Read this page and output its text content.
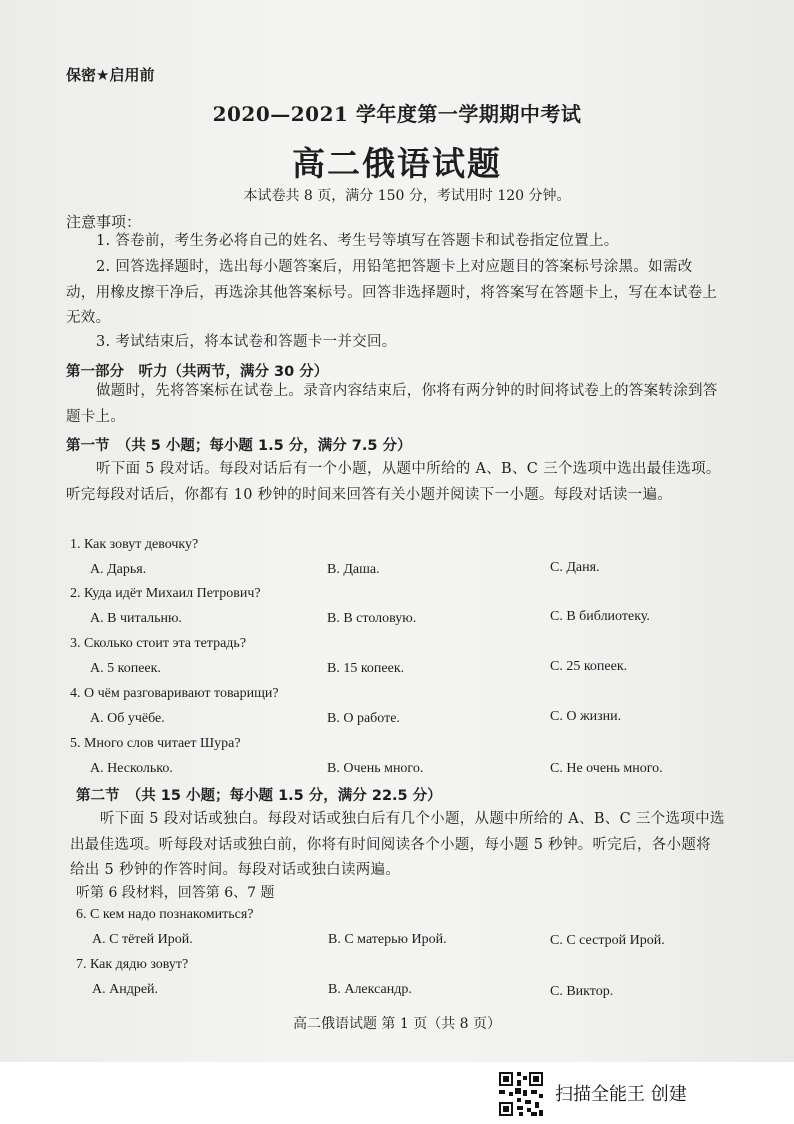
保密★启用前
2020—2021 学年度第一学期期中考试
高二俄语试题
本试卷共 8 页，满分 150 分，考试用时 120 分钟。
注意事项：
1. 答卷前，考生务必将自己的姓名、考生号等填写在答题卡和试卷指定位置上。
2. 回答选择题时，选出每小题答案后，用铅笔把答题卡上对应题目的答案标号涂黑。如需改动，用橡皮擦干净后，再选涂其他答案标号。回答非选择题时，将答案写在答题卡上，写在本试卷上无效。
3. 考试结束后，将本试卷和答题卡一并交回。
第一部分　听力（共两节，满分 30 分）
做题时，先将答案标在试卷上。录音内容结束后，你将有两分钟的时间将试卷上的答案转涂到答题卡上。
第一节　（共 5 小题；每小题 1.5 分，满分 7.5 分）
听下面 5 段对话。每段对话后有一个小题，从题中所给的 A、B、C 三个选项中选出最佳选项。听完每段对话后，你都有 10 秒钟的时间来回答有关小题并阅读下一小题。每段对话读一遍。
1. Как зовут девочку?
A. Дарья.	B. Даша.	C. Даня.
2. Куда идёт Михаил Петрович?
A. В читальню.	B. В столовую.	C. В библиотеку.
3. Сколько стоит эта тетрадь?
A. 5 копеек.	B. 15 копеек.	C. 25 копеек.
4. О чём разговаривают товарищи?
A. Об учёбе.	B. О работе.	C. О жизни.
5. Много слов читает Шура?
A. Несколько.	B. Очень много.	C. Не очень много.
第二节　（共 15 小题；每小题 1.5 分，满分 22.5 分）
听下面 5 段对话或独白。每段对话或独白后有几个小题，从题中所给的 A、B、C 三个选项中选出最佳选项。听每段对话或独白前，你将有时间阅读各个小题，每小题 5 秒钟。听完后，各小题将给出 5 秒钟的作答时间。每段对话或独白读两遍。
听第 6 段材料，回答第 6、7 题
6. С кем надо познакомиться?
A. С тётей Ирой.	B. С матерью Ирой.	C. С сестрой Ирой.
7. Как дядю зовут?
A. Андрей.	B. Александр.	C. Виктор.
高二俄语试题 第 1 页（共 8 页）
扫描全能王 创建
